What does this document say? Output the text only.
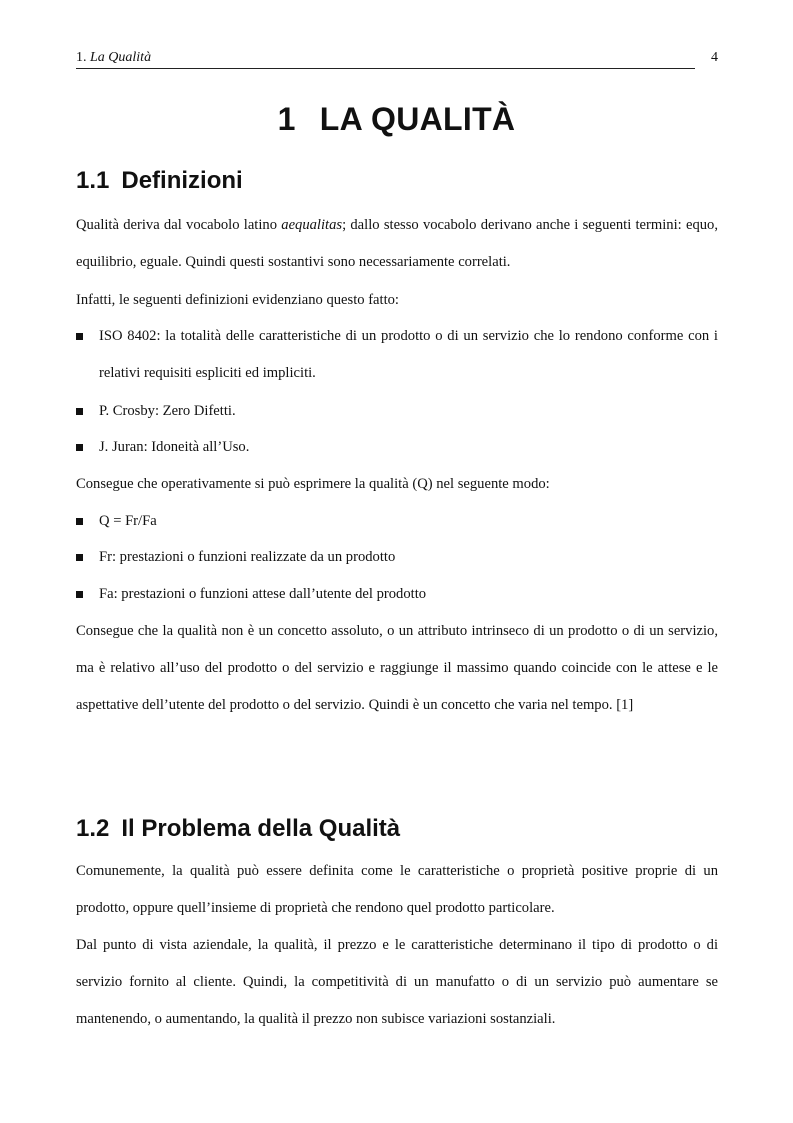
1. La Qualità	4
1 LA QUALITÀ
1.1 Definizioni
Qualità deriva dal vocabolo latino aequalitas; dallo stesso vocabolo derivano anche i seguenti termini: equo, equilibrio, eguale. Quindi questi sostantivi sono necessariamente correlati.
Infatti, le seguenti definizioni evidenziano questo fatto:
ISO 8402: la totalità delle caratteristiche di un prodotto o di un servizio che lo rendono conforme con i relativi requisiti espliciti ed impliciti.
P. Crosby: Zero Difetti.
J. Juran: Idoneità all’Uso.
Consegue che operativamente si può esprimere la qualità (Q) nel seguente modo:
Q = Fr/Fa
Fr: prestazioni o funzioni realizzate da un prodotto
Fa: prestazioni o funzioni attese dall’utente del prodotto
Consegue che la qualità non è un concetto assoluto, o un attributo intrinseco di un prodotto o di un servizio, ma è relativo all’uso del prodotto o del servizio e raggiunge il massimo quando coincide con le attese e le aspettative dell’utente del prodotto o del servizio. Quindi è un concetto che varia nel tempo. [1]
1.2 Il Problema della Qualità
Comunemente, la qualità può essere definita come le caratteristiche o proprietà positive proprie di un prodotto, oppure quell’insieme di proprietà che rendono quel prodotto particolare.
Dal punto di vista aziendale, la qualità, il prezzo e le caratteristiche determinano il tipo di prodotto o di servizio fornito al cliente. Quindi, la competitività di un manufatto o di un servizio può aumentare se mantenendo, o aumentando, la qualità il prezzo non subisce variazioni sostanziali.
